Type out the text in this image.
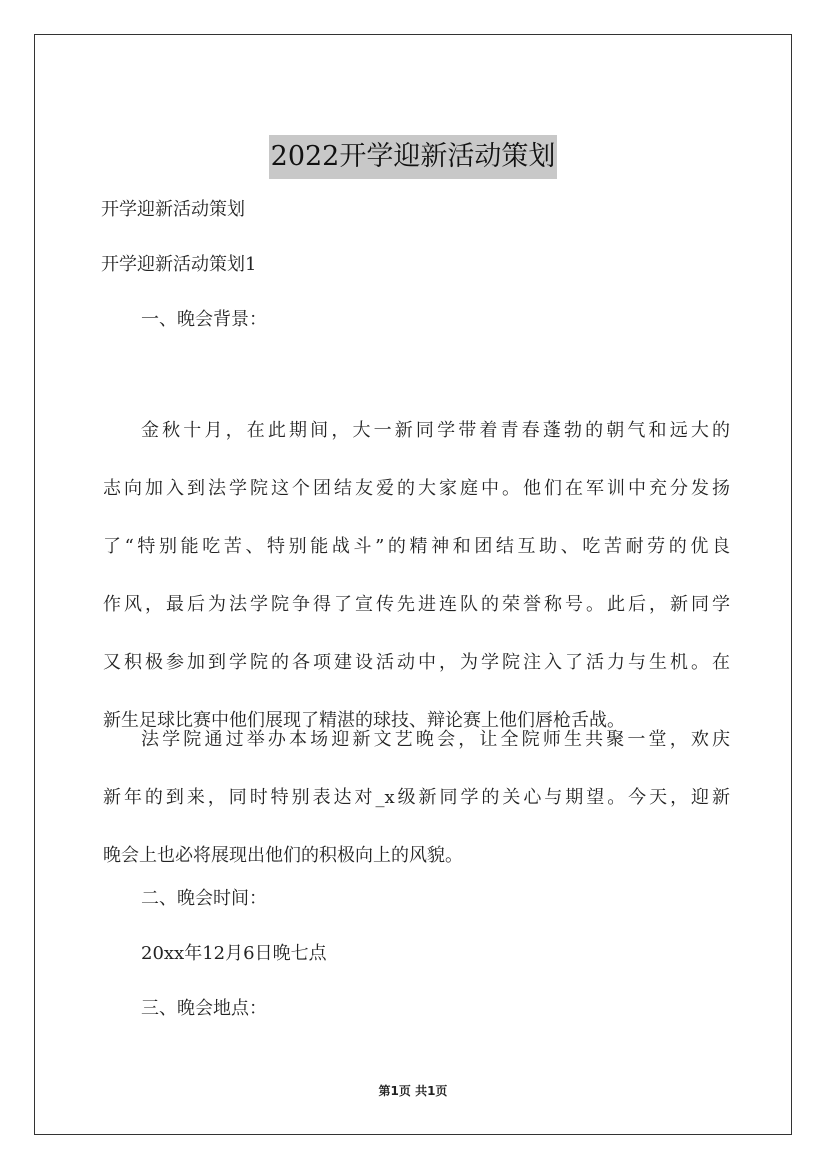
2022开学迎新活动策划
开学迎新活动策划
开学迎新活动策划1
一、晚会背景：
金秋十月，在此期间，大一新同学带着青春蓬勃的朝气和远大的
志向加入到法学院这个团结友爱的大家庭中。他们在军训中充分发扬
了“特别能吃苦、特别能战斗”的精神和团结互助、吃苦耐劳的优良
作风，最后为法学院争得了宣传先进连队的荣誉称号。此后，新同学
又积极参加到学院的各项建设活动中，为学院注入了活力与生机。在
新生足球比赛中他们展现了精湛的球技、辩论赛上他们唇枪舌战。
法学院通过举办本场迎新文艺晚会，让全院师生共聚一堂，欢庆
新年的到来，同时特别表达对_x级新同学的关心与期望。今天，迎新
晚会上也必将展现出他们的积极向上的风貌。
二、晚会时间：
20xx年12月6日晚七点
三、晚会地点：
第1页 共1页
